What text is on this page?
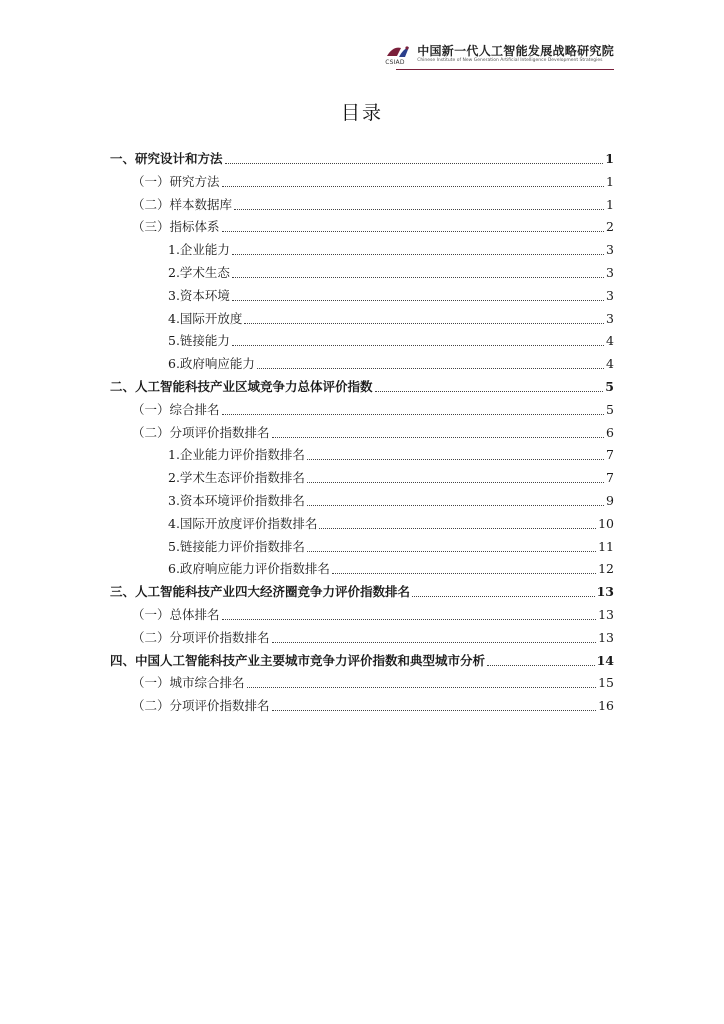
CSIAD
中国新一代人工智能发展战略研究院
Chinese Institute of New Generation Artificial Intelligence Development Strategies
目录
一、研究设计和方法	1
（一）研究方法	1
（二）样本数据库	1
（三）指标体系	2
1.企业能力	3
2.学术生态	3
3.资本环境	3
4.国际开放度	3
5.链接能力	4
6.政府响应能力	4
二、人工智能科技产业区域竞争力总体评价指数	5
（一）综合排名	5
（二）分项评价指数排名	6
1.企业能力评价指数排名	7
2.学术生态评价指数排名	7
3.资本环境评价指数排名	9
4.国际开放度评价指数排名	10
5.链接能力评价指数排名	11
6.政府响应能力评价指数排名	12
三、人工智能科技产业四大经济圈竞争力评价指数排名	13
（一）总体排名	13
（二）分项评价指数排名	13
四、中国人工智能科技产业主要城市竞争力评价指数和典型城市分析	14
（一）城市综合排名	15
（二）分项评价指数排名	16
